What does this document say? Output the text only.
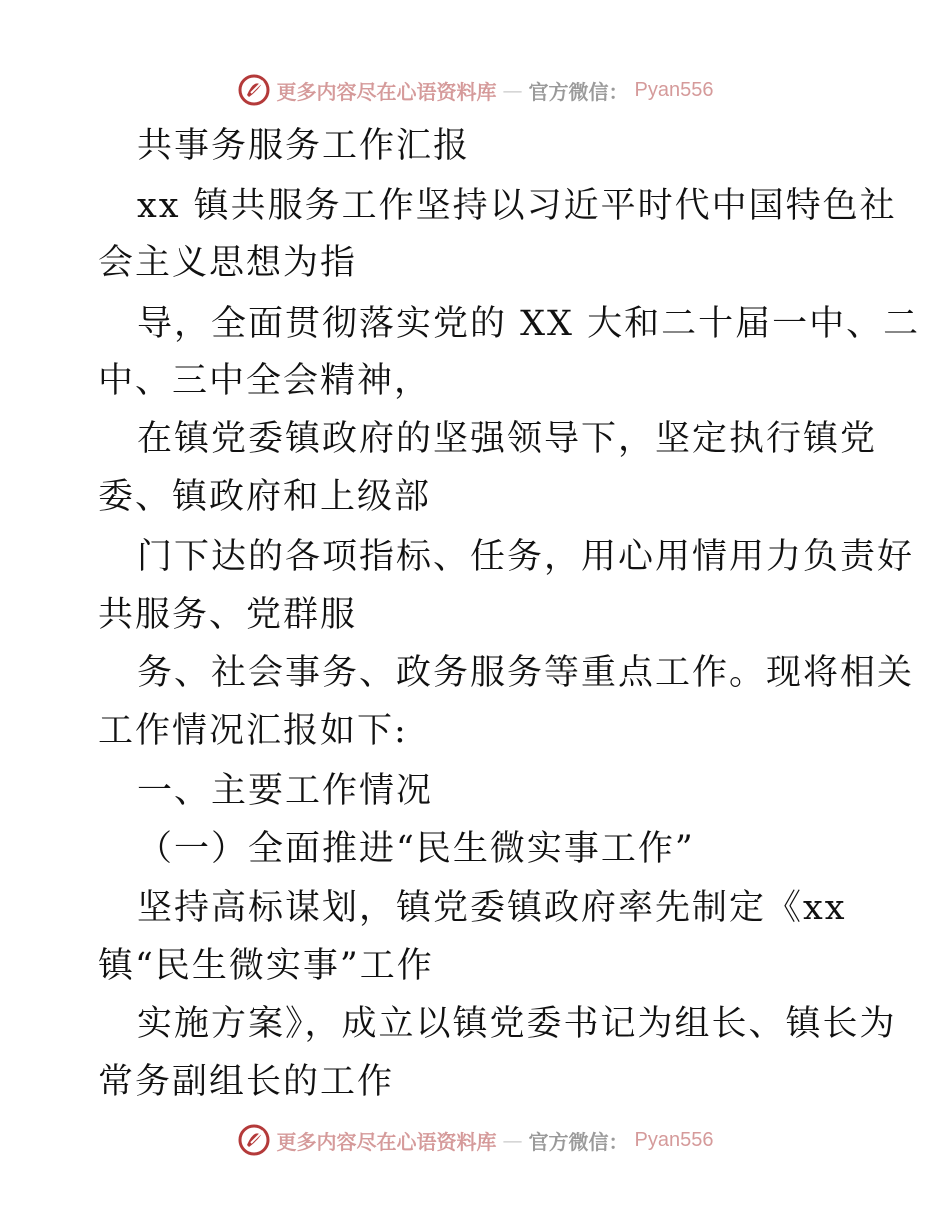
更多内容尽在心语资料库 — 官方微信： Pyan556
共事务服务工作汇报
xx 镇共服务工作坚持以习近平时代中国特色社
会主义思想为指
导，全面贯彻落实党的 XX 大和二十届一中、二
中、三中全会精神，
在镇党委镇政府的坚强领导下，坚定执行镇党
委、镇政府和上级部
门下达的各项指标、任务，用心用情用力负责好
共服务、党群服
务、社会事务、政务服务等重点工作。现将相关
工作情况汇报如下:
一、主要工作情况
（一）全面推进“民生微实事工作”
坚持高标谋划，镇党委镇政府率先制定《xx
镇“民生微实事”工作
实施方案》，成立以镇党委书记为组长、镇长为
常务副组长的工作
更多内容尽在心语资料库 — 官方微信： Pyan556
